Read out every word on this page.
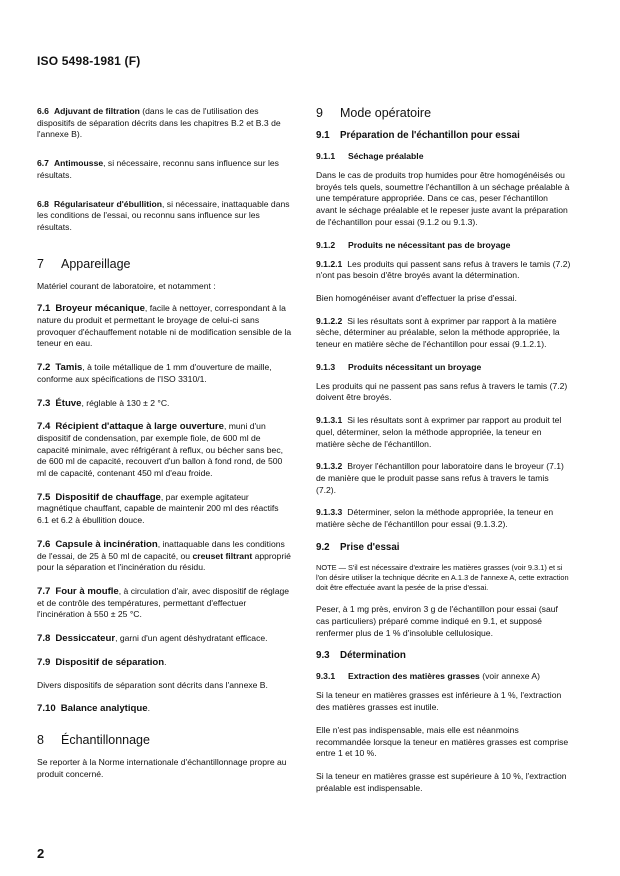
ISO 5498-1981 (F)

6.6 Adjuvant de filtration (dans le cas de l'utilisation des dispositifs de séparation décrits dans les chapitres B.2 et B.3 de l'annexe B).

6.7 Antimousse, si nécessaire, reconnu sans influence sur les résultats.

6.8 Régularisateur d'ébullition, si nécessaire, inattaquable dans les conditions de l'essai, ou reconnu sans influence sur les résultats.

7 Appareillage

Matériel courant de laboratoire, et notamment :

7.1 Broyeur mécanique, facile à nettoyer, correspondant à la nature du produit et permettant le broyage de celui-ci sans provoquer d'échauffement notable ni de modification sensible de la teneur en eau.

7.2 Tamis, à toile métallique de 1 mm d'ouverture de maille, conforme aux spécifications de l'ISO 3310/1.

7.3 Étuve, réglable à 130 ± 2 °C.

7.4 Récipient d'attaque à large ouverture, muni d'un dispositif de condensation, par exemple fiole, de 600 ml de capacité minimale, avec réfrigérant à reflux, ou bécher sans bec, de 600 ml de capacité, recouvert d'un ballon à fond rond, de 500 ml de capacité, contenant 450 ml d'eau froide.

7.5 Dispositif de chauffage, par exemple agitateur magnétique chauffant, capable de maintenir 200 ml des réactifs 6.1 et 6.2 à ébullition douce.

7.6 Capsule à incinération, inattaquable dans les conditions de l'essai, de 25 à 50 ml de capacité, ou creuset filtrant approprié pour la séparation et l'incinération du résidu.

7.7 Four à moufle, à circulation d'air, avec dispositif de réglage et de contrôle des températures, permettant d'effectuer l'incinération à 550 ± 25 °C.

7.8 Dessiccateur, garni d'un agent déshydratant efficace.

7.9 Dispositif de séparation.

Divers dispositifs de séparation sont décrits dans l'annexe B.

7.10 Balance analytique.

8 Échantillonnage

Se reporter à la Norme internationale d'échantillonnage propre au produit concerné.

9 Mode opératoire
9.1 Préparation de l'échantillon pour essai
9.1.1 Séchage préalable

Dans le cas de produits trop humides pour être homogénéisés ou broyés tels quels, soumettre l'échantillon à un séchage préalable à une température appropriée. Dans ce cas, peser l'échantillon avant le séchage préalable et le repeser juste avant la préparation de l'échantillon pour essai (9.1.2 ou 9.1.3).

9.1.2 Produits ne nécessitant pas de broyage

9.1.2.1 Les produits qui passent sans refus à travers le tamis (7.2) n'ont pas besoin d'être broyés avant la détermination.

Bien homogénéiser avant d'effectuer la prise d'essai.

9.1.2.2 Si les résultats sont à exprimer par rapport à la matière sèche, déterminer au préalable, selon la méthode appropriée, la teneur en matière sèche de l'échantillon pour essai (9.1.2.1).

9.1.3 Produits nécessitant un broyage

Les produits qui ne passent pas sans refus à travers le tamis (7.2) doivent être broyés.

9.1.3.1 Si les résultats sont à exprimer par rapport au produit tel quel, déterminer, selon la méthode appropriée, la teneur en matière sèche de l'échantillon.

9.1.3.2 Broyer l'échantillon pour laboratoire dans le broyeur (7.1) de manière que le produit passe sans refus à travers le tamis (7.2).

9.1.3.3 Déterminer, selon la méthode appropriée, la teneur en matière sèche de l'échantillon pour essai (9.1.3.2).

9.2 Prise d'essai

NOTE — S'il est nécessaire d'extraire les matières grasses (voir 9.3.1) et si l'on désire utiliser la technique décrite en A.1.3 de l'annexe A, cette extraction doit être effectuée avant la pesée de la prise d'essai.

Peser, à 1 mg près, environ 3 g de l'échantillon pour essai (sauf cas particuliers) préparé comme indiqué en 9.1, et supposé renfermer plus de 1 % d'insoluble cellulosique.

9.3 Détermination
9.3.1 Extraction des matières grasses (voir annexe A)

Si la teneur en matières grasses est inférieure à 1 %, l'extraction des matières grasses est inutile.

Elle n'est pas indispensable, mais elle est néanmoins recommandée lorsque la teneur en matières grasses est comprise entre 1 et 10 %.

Si la teneur en matières grasse est supérieure à 10 %, l'extraction préalable est indispensable.

2
